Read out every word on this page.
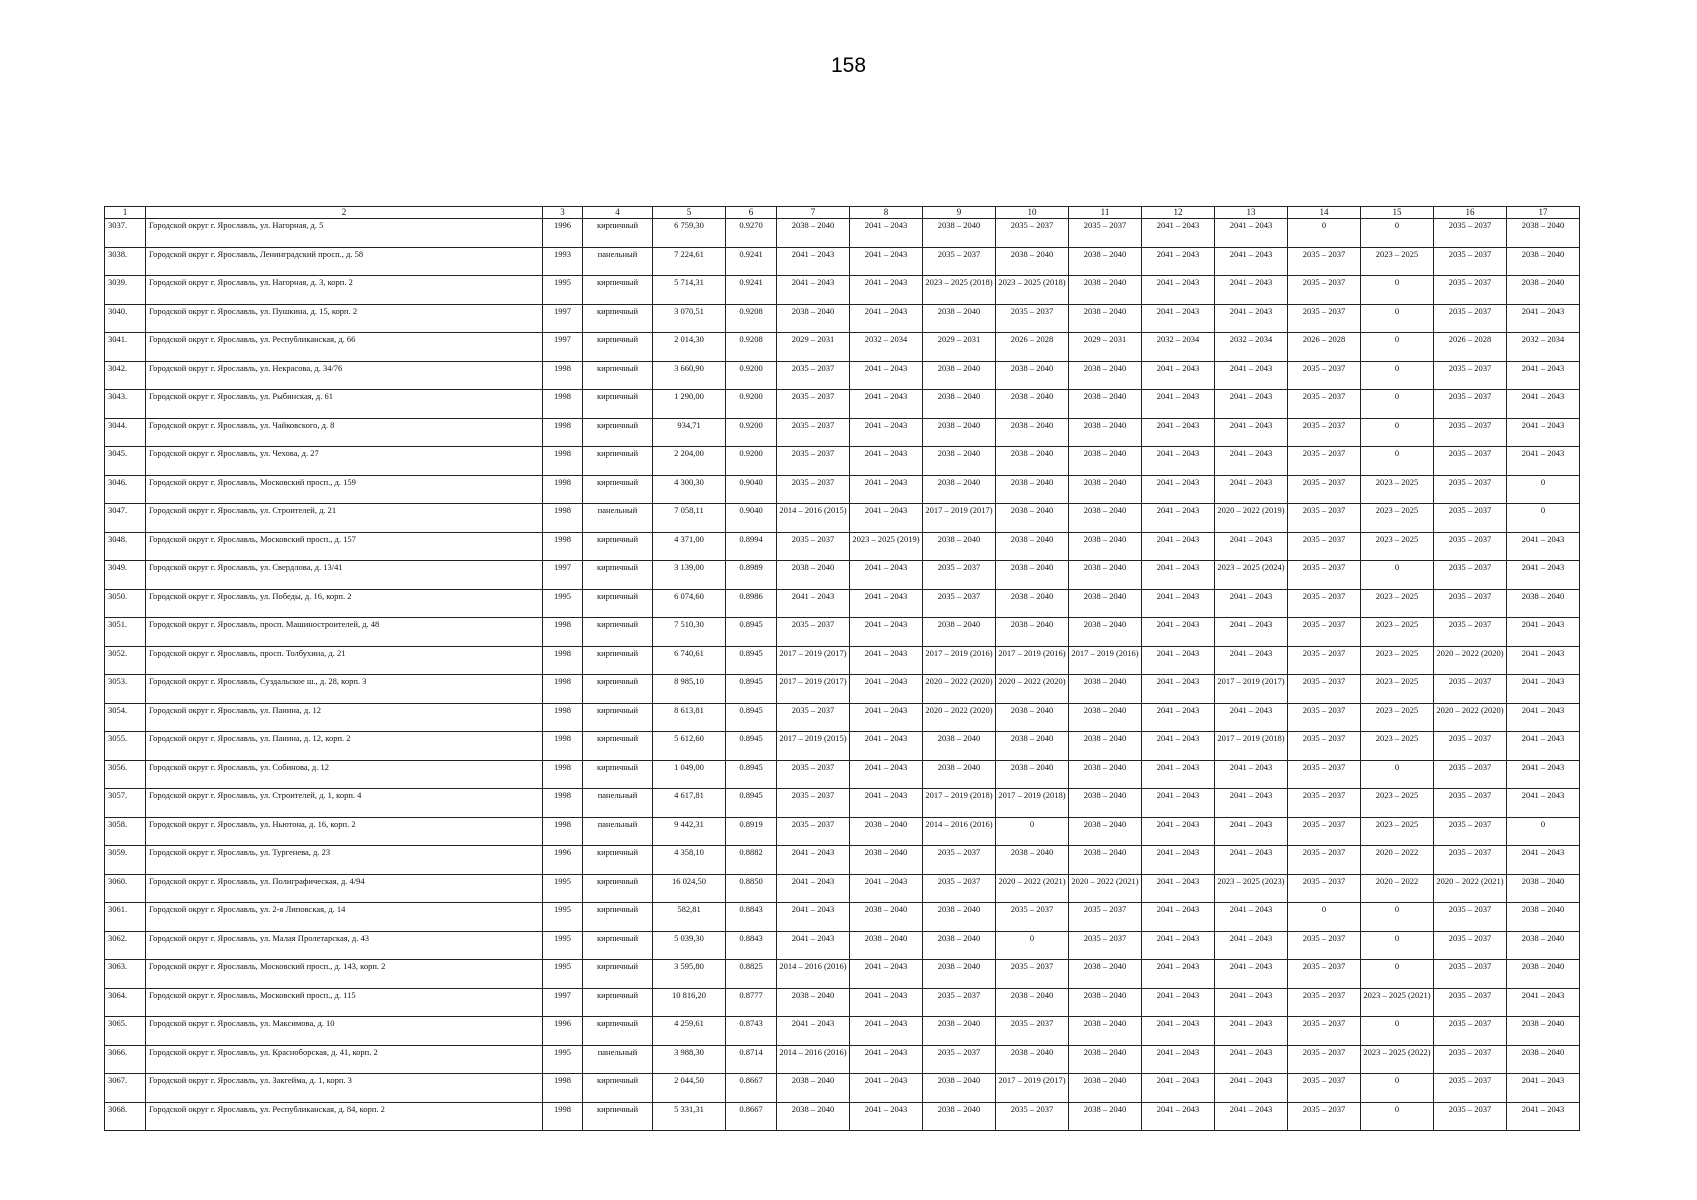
158
1	2	3	4	5	6	7	8	9	10	11	12	13	14	15	16	17
3037.	Городской округ г. Ярославль, ул. Нагорная, д. 5	1996	кирпичный	6 759,30	0.9270	2038 – 2040	2041 – 2043	2038 – 2040	2035 – 2037	2035 – 2037	2041 – 2043	2041 – 2043	0	0	2035 – 2037	2038 – 2040
3038.	Городской округ г. Ярославль, Ленинградский просп., д. 58	1993	панельный	7 224,61	0.9241	2041 – 2043	2041 – 2043	2035 – 2037	2038 – 2040	2038 – 2040	2041 – 2043	2041 – 2043	2035 – 2037	2023 – 2025	2035 – 2037	2038 – 2040
3039.	Городской округ г. Ярославль, ул. Нагорная, д. 3, корп. 2	1995	кирпичный	5 714,31	0.9241	2041 – 2043	2041 – 2043	2023 – 2025 (2018)	2023 – 2025 (2018)	2038 – 2040	2041 – 2043	2041 – 2043	2035 – 2037	0	2035 – 2037	2038 – 2040
3040.	Городской округ г. Ярославль, ул. Пушкина, д. 15, корп. 2	1997	кирпичный	3 070,51	0.9208	2038 – 2040	2041 – 2043	2038 – 2040	2035 – 2037	2038 – 2040	2041 – 2043	2041 – 2043	2035 – 2037	0	2035 – 2037	2041 – 2043
3041.	Городской округ г. Ярославль, ул. Республиканская, д. 66	1997	кирпичный	2 014,30	0.9208	2029 – 2031	2032 – 2034	2029 – 2031	2026 – 2028	2029 – 2031	2032 – 2034	2032 – 2034	2026 – 2028	0	2026 – 2028	2032 – 2034
3042.	Городской округ г. Ярославль, ул. Некрасова, д. 34/76	1998	кирпичный	3 660,90	0.9200	2035 – 2037	2041 – 2043	2038 – 2040	2038 – 2040	2038 – 2040	2041 – 2043	2041 – 2043	2035 – 2037	0	2035 – 2037	2041 – 2043
3043.	Городской округ г. Ярославль, ул. Рыбинская, д. 61	1998	кирпичный	1 290,00	0.9200	2035 – 2037	2041 – 2043	2038 – 2040	2038 – 2040	2038 – 2040	2041 – 2043	2041 – 2043	2035 – 2037	0	2035 – 2037	2041 – 2043
3044.	Городской округ г. Ярославль, ул. Чайковского, д. 8	1998	кирпичный	934,71	0.9200	2035 – 2037	2041 – 2043	2038 – 2040	2038 – 2040	2038 – 2040	2041 – 2043	2041 – 2043	2035 – 2037	0	2035 – 2037	2041 – 2043
3045.	Городской округ г. Ярославль, ул. Чехова, д. 27	1998	кирпичный	2 204,00	0.9200	2035 – 2037	2041 – 2043	2038 – 2040	2038 – 2040	2038 – 2040	2041 – 2043	2041 – 2043	2035 – 2037	0	2035 – 2037	2041 – 2043
3046.	Городской округ г. Ярославль, Московский просп., д. 159	1998	кирпичный	4 300,30	0.9040	2035 – 2037	2041 – 2043	2038 – 2040	2038 – 2040	2038 – 2040	2041 – 2043	2041 – 2043	2035 – 2037	2023 – 2025	2035 – 2037	0
3047.	Городской округ г. Ярославль, ул. Строителей, д. 21	1998	панельный	7 058,11	0.9040	2014 – 2016 (2015)	2041 – 2043	2017 – 2019 (2017)	2038 – 2040	2038 – 2040	2041 – 2043	2020 – 2022 (2019)	2035 – 2037	2023 – 2025	2035 – 2037	0
3048.	Городской округ г. Ярославль, Московский просп., д. 157	1998	кирпичный	4 371,00	0.8994	2035 – 2037	2023 – 2025 (2019)	2038 – 2040	2038 – 2040	2038 – 2040	2041 – 2043	2041 – 2043	2035 – 2037	2023 – 2025	2035 – 2037	2041 – 2043
3049.	Городской округ г. Ярославль, ул. Свердлова, д. 13/41	1997	кирпичный	3 139,00	0.8989	2038 – 2040	2041 – 2043	2035 – 2037	2038 – 2040	2038 – 2040	2041 – 2043	2023 – 2025 (2024)	2035 – 2037	0	2035 – 2037	2041 – 2043
3050.	Городской округ г. Ярославль, ул. Победы, д. 16, корп. 2	1995	кирпичный	6 074,60	0.8986	2041 – 2043	2041 – 2043	2035 – 2037	2038 – 2040	2038 – 2040	2041 – 2043	2041 – 2043	2035 – 2037	2023 – 2025	2035 – 2037	2038 – 2040
3051.	Городской округ г. Ярославль, просп. Машиностроителей, д. 48	1998	кирпичный	7 510,30	0.8945	2035 – 2037	2041 – 2043	2038 – 2040	2038 – 2040	2038 – 2040	2041 – 2043	2041 – 2043	2035 – 2037	2023 – 2025	2035 – 2037	2041 – 2043
3052.	Городской округ г. Ярославль, просп. Толбухина, д. 21	1998	кирпичный	6 740,61	0.8945	2017 – 2019 (2017)	2041 – 2043	2017 – 2019 (2016)	2017 – 2019 (2016)	2017 – 2019 (2016)	2041 – 2043	2041 – 2043	2035 – 2037	2023 – 2025	2020 – 2022 (2020)	2041 – 2043
3053.	Городской округ г. Ярославль, Суздальское ш., д. 28, корп. 3	1998	кирпичный	8 985,10	0.8945	2017 – 2019 (2017)	2041 – 2043	2020 – 2022 (2020)	2020 – 2022 (2020)	2038 – 2040	2041 – 2043	2017 – 2019 (2017)	2035 – 2037	2023 – 2025	2035 – 2037	2041 – 2043
3054.	Городской округ г. Ярославль, ул. Панина, д. 12	1998	кирпичный	8 613,81	0.8945	2035 – 2037	2041 – 2043	2020 – 2022 (2020)	2038 – 2040	2038 – 2040	2041 – 2043	2041 – 2043	2035 – 2037	2023 – 2025	2020 – 2022 (2020)	2041 – 2043
3055.	Городской округ г. Ярославль, ул. Панина, д. 12, корп. 2	1998	кирпичный	5 612,60	0.8945	2017 – 2019 (2015)	2041 – 2043	2038 – 2040	2038 – 2040	2038 – 2040	2041 – 2043	2017 – 2019 (2018)	2035 – 2037	2023 – 2025	2035 – 2037	2041 – 2043
3056.	Городской округ г. Ярославль, ул. Собинова, д. 12	1998	кирпичный	1 049,00	0.8945	2035 – 2037	2041 – 2043	2038 – 2040	2038 – 2040	2038 – 2040	2041 – 2043	2041 – 2043	2035 – 2037	0	2035 – 2037	2041 – 2043
3057.	Городской округ г. Ярославль, ул. Строителей, д. 1, корп. 4	1998	панельный	4 617,81	0.8945	2035 – 2037	2041 – 2043	2017 – 2019 (2018)	2017 – 2019 (2018)	2038 – 2040	2041 – 2043	2041 – 2043	2035 – 2037	2023 – 2025	2035 – 2037	2041 – 2043
3058.	Городской округ г. Ярославль, ул. Ньютона, д. 16, корп. 2	1998	панельный	9 442,31	0.8919	2035 – 2037	2038 – 2040	2014 – 2016 (2016)	0	2038 – 2040	2041 – 2043	2041 – 2043	2035 – 2037	2023 – 2025	2035 – 2037	0
3059.	Городской округ г. Ярославль, ул. Тургенева, д. 23	1996	кирпичный	4 358,10	0.8882	2041 – 2043	2038 – 2040	2035 – 2037	2038 – 2040	2038 – 2040	2041 – 2043	2041 – 2043	2035 – 2037	2020 – 2022	2035 – 2037	2041 – 2043
3060.	Городской округ г. Ярославль, ул. Полиграфическая, д. 4/94	1995	кирпичный	16 024,50	0.8850	2041 – 2043	2041 – 2043	2035 – 2037	2020 – 2022 (2021)	2020 – 2022 (2021)	2041 – 2043	2023 – 2025 (2023)	2035 – 2037	2020 – 2022	2020 – 2022 (2021)	2038 – 2040
3061.	Городской округ г. Ярославль, ул. 2-я Липовская, д. 14	1995	кирпичный	582,81	0.8843	2041 – 2043	2038 – 2040	2038 – 2040	2035 – 2037	2035 – 2037	2041 – 2043	2041 – 2043	0	0	2035 – 2037	2038 – 2040
3062.	Городской округ г. Ярославль, ул. Малая Пролетарская, д. 43	1995	кирпичный	5 039,30	0.8843	2041 – 2043	2038 – 2040	2038 – 2040	0	2035 – 2037	2041 – 2043	2041 – 2043	2035 – 2037	0	2035 – 2037	2038 – 2040
3063.	Городской округ г. Ярославль, Московский просп., д. 143, корп. 2	1995	кирпичный	3 595,80	0.8825	2014 – 2016 (2016)	2041 – 2043	2038 – 2040	2035 – 2037	2038 – 2040	2041 – 2043	2041 – 2043	2035 – 2037	0	2035 – 2037	2038 – 2040
3064.	Городской округ г. Ярославль, Московский просп., д. 115	1997	кирпичный	10 816,20	0.8777	2038 – 2040	2041 – 2043	2035 – 2037	2038 – 2040	2038 – 2040	2041 – 2043	2041 – 2043	2035 – 2037	2023 – 2025 (2021)	2035 – 2037	2041 – 2043
3065.	Городской округ г. Ярославль, ул. Максимова, д. 10	1996	кирпичный	4 259,61	0.8743	2041 – 2043	2041 – 2043	2038 – 2040	2035 – 2037	2038 – 2040	2041 – 2043	2041 – 2043	2035 – 2037	0	2035 – 2037	2038 – 2040
3066.	Городской округ г. Ярославль, ул. Красноборская, д. 41, корп. 2	1995	панельный	3 988,30	0.8714	2014 – 2016 (2016)	2041 – 2043	2035 – 2037	2038 – 2040	2038 – 2040	2041 – 2043	2041 – 2043	2035 – 2037	2023 – 2025 (2022)	2035 – 2037	2038 – 2040
3067.	Городской округ г. Ярославль, ул. Закгейма, д. 1, корп. 3	1998	кирпичный	2 044,50	0.8667	2038 – 2040	2041 – 2043	2038 – 2040	2017 – 2019 (2017)	2038 – 2040	2041 – 2043	2041 – 2043	2035 – 2037	0	2035 – 2037	2041 – 2043
3068.	Городской округ г. Ярославль, ул. Республиканская, д. 84, корп. 2	1998	кирпичный	5 331,31	0.8667	2038 – 2040	2041 – 2043	2038 – 2040	2035 – 2037	2038 – 2040	2041 – 2043	2041 – 2043	2035 – 2037	0	2035 – 2037	2041 – 2043
